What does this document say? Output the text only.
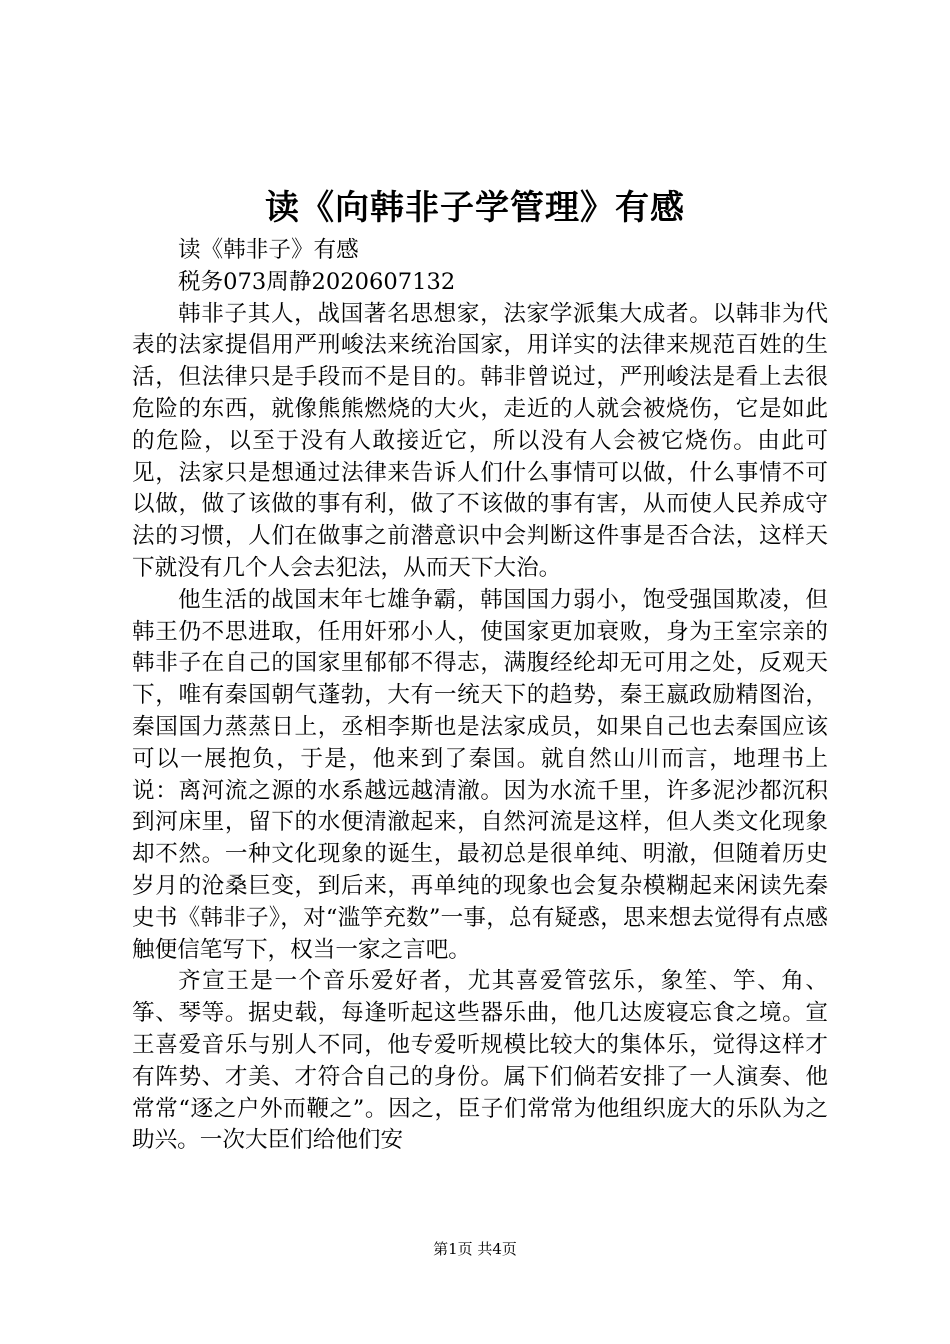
读《向韩非子学管理》有感
读《韩非子》有感
税务073周静2020607132

韩非子其人，战国著名思想家，法家学派集大成者。以韩非为代表的法家提倡用严刑峻法来统治国家，用详实的法律来规范百姓的生活，但法律只是手段而不是目的。韩非曾说过，严刑峻法是看上去很危险的东西，就像熊熊燃烧的大火，走近的人就会被烧伤，它是如此的危险，以至于没有人敢接近它，所以没有人会被它烧伤。由此可见，法家只是想通过法律来告诉人们什么事情可以做，什么事情不可以做，做了该做的事有利，做了不该做的事有害，从而使人民养成守法的习惯，人们在做事之前潜意识中会判断这件事是否合法，这样天下就没有几个人会去犯法，从而天下大治。

他生活的战国末年七雄争霸，韩国国力弱小，饱受强国欺凌，但韩王仍不思进取，任用奸邪小人，使国家更加衰败，身为王室宗亲的韩非子在自己的国家里郁郁不得志，满腹经纶却无可用之处，反观天下，唯有秦国朝气蓬勃，大有一统天下的趋势，秦王嬴政励精图治，秦国国力蒸蒸日上，丞相李斯也是法家成员，如果自己也去秦国应该可以一展抱负，于是，他来到了秦国。就自然山川而言，地理书上说：离河流之源的水系越远越清澈。因为水流千里，许多泥沙都沉积到河床里，留下的水便清澈起来，自然河流是这样，但人类文化现象却不然。一种文化现象的诞生，最初总是很单纯、明澈，但随着历史岁月的沧桑巨变，到后来，再单纯的现象也会复杂模糊起来闲读先秦史书《韩非子》，对“滥竽充数”一事，总有疑惑，思来想去觉得有点感触便信笔写下，权当一家之言吧。

齐宣王是一个音乐爱好者，尤其喜爱管弦乐，象笙、竽、角、筝、琴等。据史载，每逢听起这些器乐曲，他几达废寝忘食之境。宣王喜爱音乐与别人不同，他专爱听规模比较大的集体乐，觉得这样才有阵势、才美、才符合自己的身份。属下们倘若安排了一人演奏、他常常“逐之户外而鞭之”。因之，臣子们常常为他组织庞大的乐队为之助兴。一次大臣们给他们安

第1页 共4页
